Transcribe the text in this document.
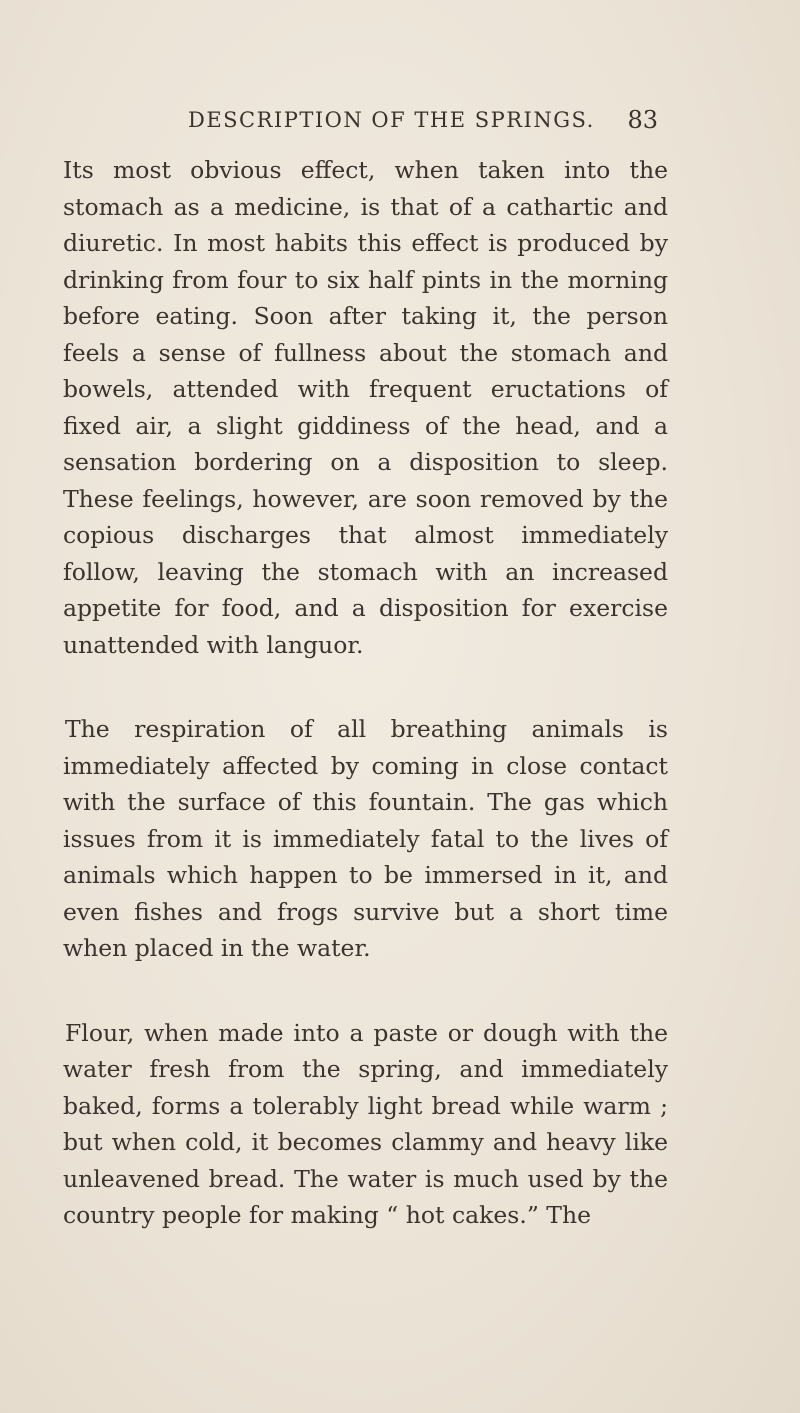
DESCRIPTION OF THE SPRINGS. 83

Its most obvious effect, when taken into the stomach as a medicine, is that of a cathartic and diuretic. In most habits this effect is produced by drinking from four to six half pints in the morning before eating. Soon after taking it, the person feels a sense of fullness about the stomach and bowels, attended with frequent eructations of fixed air, a slight giddiness of the head, and a sensation bordering on a disposition to sleep. These feelings, however, are soon removed by the copious discharges that almost immediately follow, leaving the stomach with an increased appetite for food, and a disposition for exercise unattended with languor.

The respiration of all breathing animals is immediately affected by coming in close contact with the surface of this fountain. The gas which issues from it is immediately fatal to the lives of animals which happen to be immersed in it, and even fishes and frogs survive but a short time when placed in the water.

Flour, when made into a paste or dough with the water fresh from the spring, and immediately baked, forms a tolerably light bread while warm ; but when cold, it becomes clammy and heavy like unleavened bread. The water is much used by the country people for making “ hot cakes.” The
